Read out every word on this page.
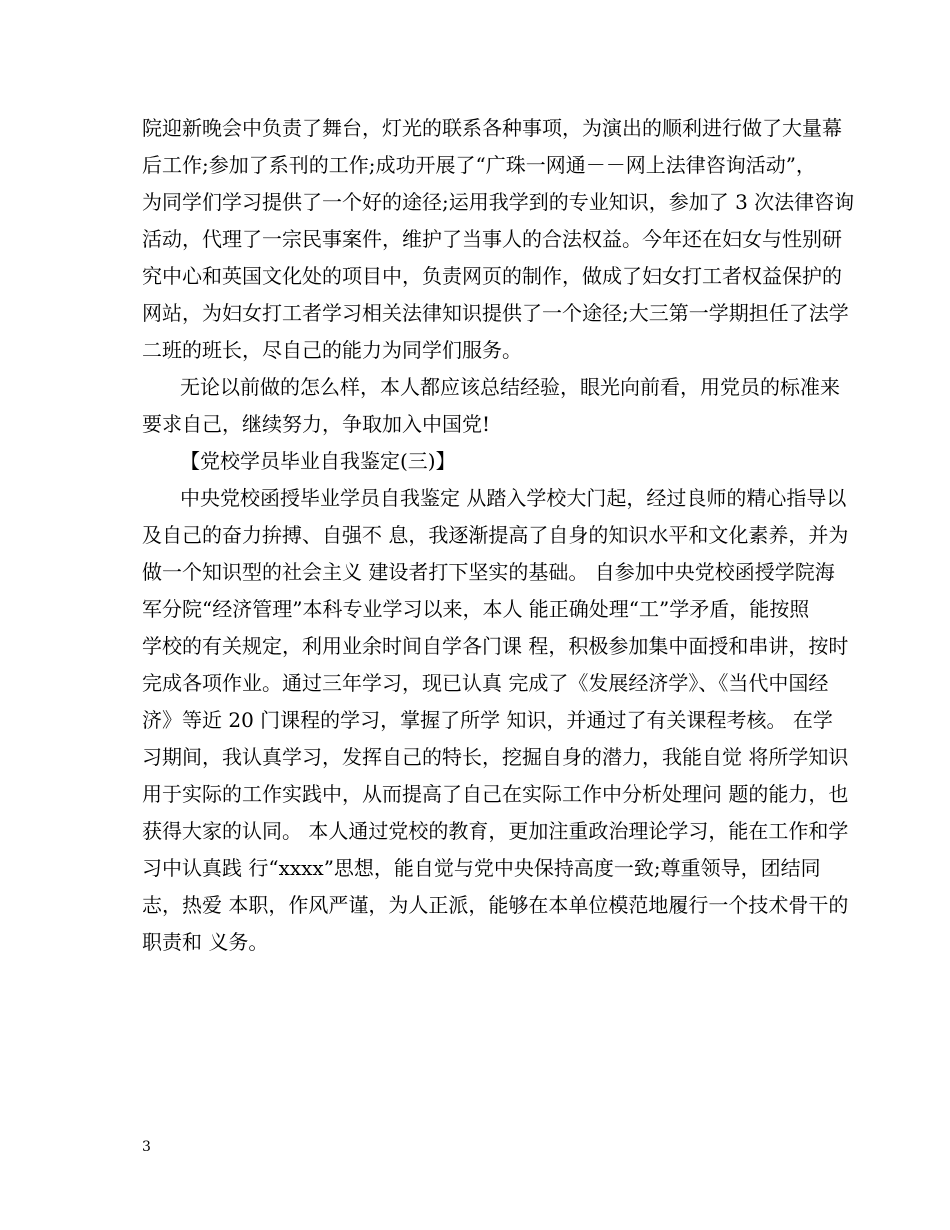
院迎新晚会中负责了舞台，灯光的联系各种事项，为演出的顺利进行做了大量幕

后工作;参加了系刊的工作;成功开展了“广珠一网通－－网上法律咨询活动”，

为同学们学习提供了一个好的途径;运用我学到的专业知识，参加了 3 次法律咨询

活动，代理了一宗民事案件，维护了当事人的合法权益。今年还在妇女与性别研

究中心和英国文化处的项目中，负责网页的制作，做成了妇女打工者权益保护的

网站，为妇女打工者学习相关法律知识提供了一个途径;大三第一学期担任了法学

二班的班长，尽自己的能力为同学们服务。

无论以前做的怎么样，本人都应该总结经验，眼光向前看，用党员的标准来

要求自己，继续努力，争取加入中国党!

【党校学员毕业自我鉴定(三)】

中央党校函授毕业学员自我鉴定 从踏入学校大门起，经过良师的精心指导以

及自己的奋力拚搏、自强不 息，我逐渐提高了自身的知识水平和文化素养，并为

做一个知识型的社会主义 建设者打下坚实的基础。 自参加中央党校函授学院海

军分院“经济管理”本科专业学习以来，本人 能正确处理“工”学矛盾，能按照

学校的有关规定，利用业余时间自学各门课 程，积极参加集中面授和串讲，按时

完成各项作业。通过三年学习，现已认真 完成了《发展经济学》、《当代中国经

济》等近 20 门课程的学习，掌握了所学 知识，并通过了有关课程考核。 在学

习期间，我认真学习，发挥自己的特长，挖掘自身的潜力，我能自觉 将所学知识

用于实际的工作实践中，从而提高了自己在实际工作中分析处理问 题的能力，也

获得大家的认同。 本人通过党校的教育，更加注重政治理论学习，能在工作和学

习中认真践 行“xxxx”思想，能自觉与党中央保持高度一致;尊重领导，团结同

志，热爱 本职，作风严谨，为人正派，能够在本单位模范地履行一个技术骨干的

职责和 义务。

3
